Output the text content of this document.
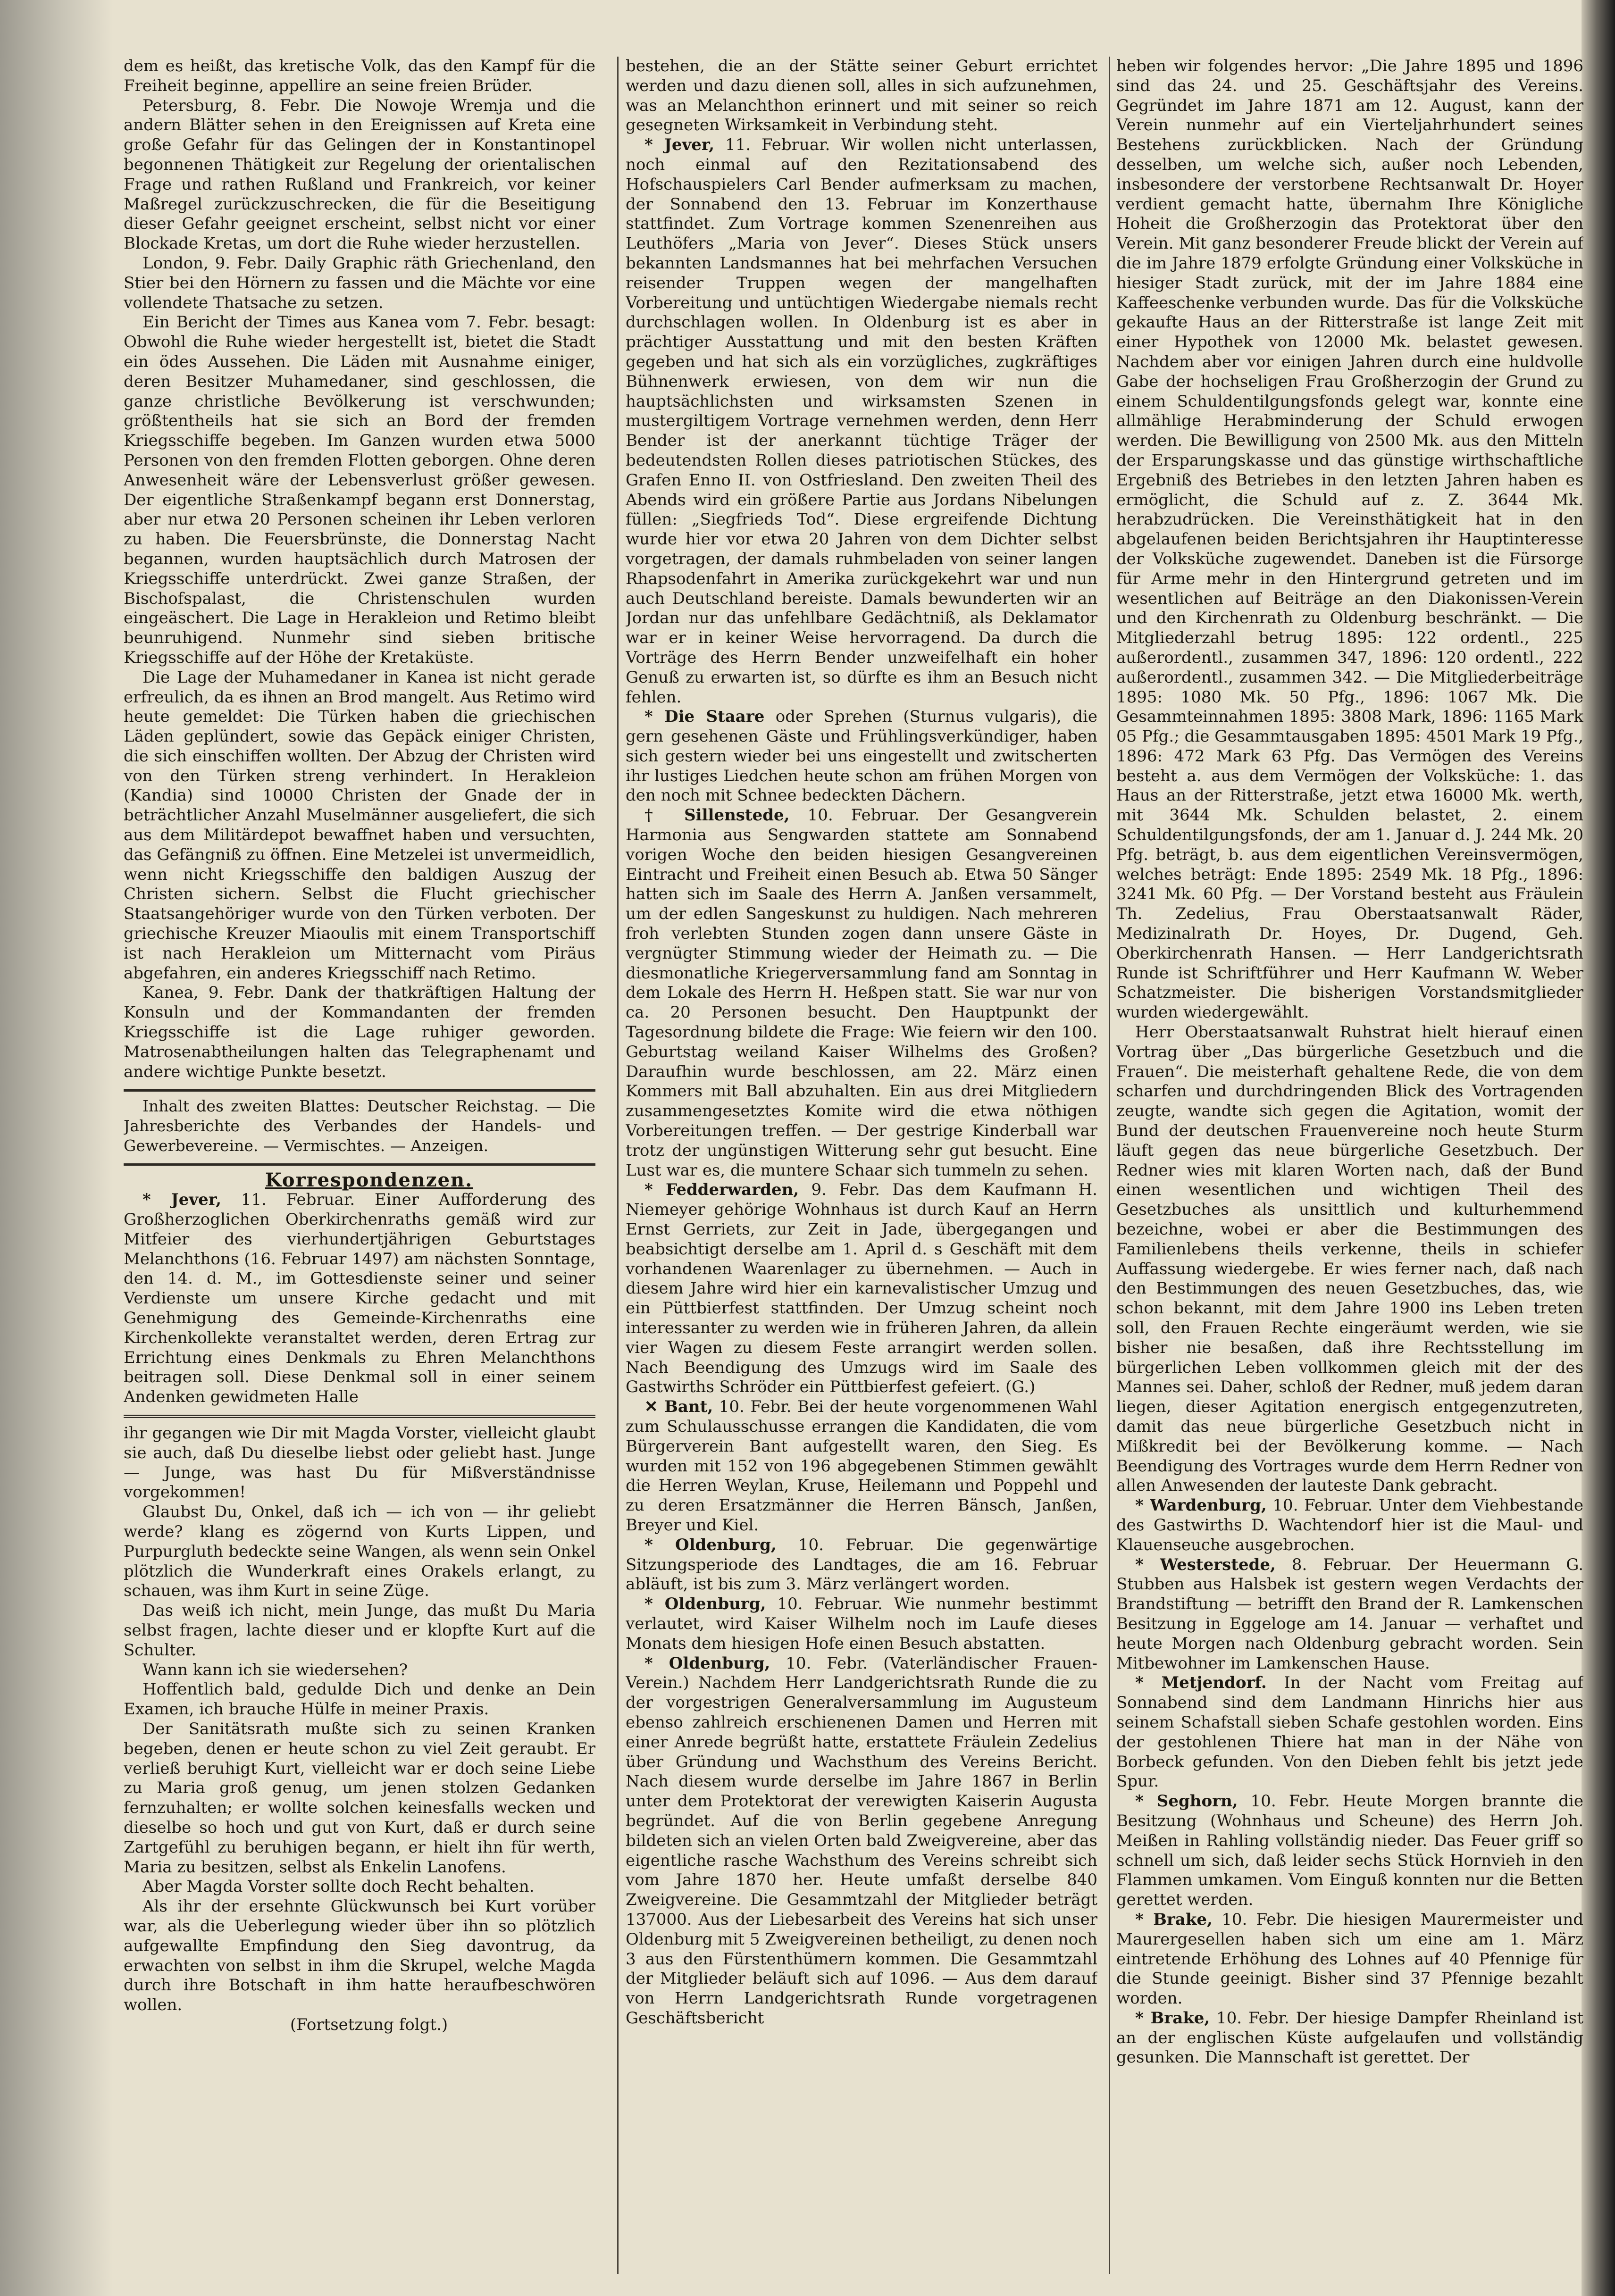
dem es heißt, das kretische Volk, das den Kampf für die Freiheit beginne, appellire an seine freien Brüder.

Petersburg, 8. Febr. Die Nowoje Wremja und die andern Blätter sehen in den Ereignissen auf Kreta eine große Gefahr für das Gelingen der in Konstantinopel begonnenen Thätigkeit zur Regelung der orientalischen Frage und rathen Rußland und Frankreich, vor keiner Maßregel zurückzuschrecken, die für die Beseitigung dieser Gefahr geeignet erscheint, selbst nicht vor einer Blockade Kretas, um dort die Ruhe wieder herzustellen.

London, 9. Febr. Daily Graphic räth Griechenland, den Stier bei den Hörnern zu fassen und die Mächte vor eine vollendete Thatsache zu setzen.

Ein Bericht der Times aus Kanea vom 7. Febr. besagt: Obwohl die Ruhe wieder hergestellt ist, bietet die Stadt ein ödes Aussehen. Die Läden mit Ausnahme einiger, deren Besitzer Muhamedaner, sind geschlossen, die ganze christliche Bevölkerung ist verschwunden; größtentheils hat sie sich an Bord der fremden Kriegsschiffe begeben. Im Ganzen wurden etwa 5000 Personen von den fremden Flotten geborgen. Ohne deren Anwesenheit wäre der Lebensverlust größer gewesen. Der eigentliche Straßenkampf begann erst Donnerstag, aber nur etwa 20 Personen scheinen ihr Leben verloren zu haben. Die Feuersbrünste, die Donnerstag Nacht begannen, wurden hauptsächlich durch Matrosen der Kriegsschiffe unterdrückt. Zwei ganze Straßen, der Bischofspalast, die Christenschulen wurden eingeäschert. Die Lage in Herakleion und Retimo bleibt beunruhigend. Nunmehr sind sieben britische Kriegsschiffe auf der Höhe der Kretaküste.

Die Lage der Muhamedaner in Kanea ist nicht gerade erfreulich, da es ihnen an Brod mangelt. Aus Retimo wird heute gemeldet: Die Türken haben die griechischen Läden geplündert, sowie das Gepäck einiger Christen, die sich einschiffen wollten. Der Abzug der Christen wird von den Türken streng verhindert. In Herakleion (Kandia) sind 10000 Christen der Gnade der in beträchtlicher Anzahl Muselmänner ausgeliefert, die sich aus dem Militärdepot bewaffnet haben und versuchten, das Gefängniß zu öffnen. Eine Metzelei ist unvermeidlich, wenn nicht Kriegsschiffe den baldigen Auszug der Christen sichern. Selbst die Flucht griechischer Staatsangehöriger wurde von den Türken verboten. Der griechische Kreuzer Miaoulis mit einem Transportschiff ist nach Herakleion um Mitternacht vom Piräus abgefahren, ein anderes Kriegsschiff nach Retimo.

Kanea, 9. Febr. Dank der thatkräftigen Haltung der Konsuln und der Kommandanten der fremden Kriegsschiffe ist die Lage ruhiger geworden. Matrosenabtheilungen halten das Telegraphenamt und andere wichtige Punkte besetzt.

Inhalt des zweiten Blattes: Deutscher Reichstag. — Die Jahresberichte des Verbandes der Handels- und Gewerbevereine. — Vermischtes. — Anzeigen.

Korrespondenzen.

* Jever, 11. Februar. Einer Aufforderung des Großherzoglichen Oberkirchenraths gemäß wird zur Mitfeier des vierhundertjährigen Geburtstages Melanchthons (16. Februar 1497) am nächsten Sonntage, den 14. d. M., im Gottesdienste seiner und seiner Verdienste um unsere Kirche gedacht und mit Genehmigung des Gemeinde-Kirchenraths eine Kirchenkollekte veranstaltet werden, deren Ertrag zur Errichtung eines Denkmals zu Ehren Melanchthons beitragen soll. Diese Denkmal soll in einer seinem Andenken gewidmeten Halle

ihr gegangen wie Dir mit Magda Vorster, vielleicht glaubt sie auch, daß Du dieselbe liebst oder geliebt hast. Junge — Junge, was hast Du für Mißverständnisse vorgekommen!

Glaubst Du, Onkel, daß ich — ich von — ihr geliebt werde? klang es zögernd von Kurts Lippen, und Purpurgluth bedeckte seine Wangen, als wenn sein Onkel plötzlich die Wunderkraft eines Orakels erlangt, zu schauen, was ihm Kurt in seine Züge.

Das weiß ich nicht, mein Junge, das mußt Du Maria selbst fragen, lachte dieser und er klopfte Kurt auf die Schulter.

Wann kann ich sie wiedersehen?

Hoffentlich bald, gedulde Dich und denke an Dein Examen, ich brauche Hülfe in meiner Praxis.

Der Sanitätsrath mußte sich zu seinen Kranken begeben, denen er heute schon zu viel Zeit geraubt. Er verließ beruhigt Kurt, vielleicht war er doch seine Liebe zu Maria groß genug, um jenen stolzen Gedanken fernzuhalten; er wollte solchen keinesfalls wecken und dieselbe so hoch und gut von Kurt, daß er durch seine Zartgefühl zu beruhigen begann, er hielt ihn für werth, Maria zu besitzen, selbst als Enkelin Lanofens.

Aber Magda Vorster sollte doch Recht behalten.

Als ihr der ersehnte Glückwunsch bei Kurt vorüber war, als die Ueberlegung wieder über ihn so plötzlich aufgewallte Empfindung den Sieg davontrug, da erwachten von selbst in ihm die Skrupel, welche Magda durch ihre Botschaft in ihm hatte heraufbeschwören wollen.

(Fortsetzung folgt.)

bestehen, die an der Stätte seiner Geburt errichtet werden und dazu dienen soll, alles in sich aufzunehmen, was an Melanchthon erinnert und mit seiner so reich gesegneten Wirksamkeit in Verbindung steht.

* Jever, 11. Februar. Wir wollen nicht unterlassen, noch einmal auf den Rezitationsabend des Hofschauspielers Carl Bender aufmerksam zu machen, der Sonnabend den 13. Februar im Konzerthause stattfindet. Zum Vortrage kommen Szenenreihen aus Leuthöfers „Maria von Jever“. Dieses Stück unsers bekannten Landsmannes hat bei mehrfachen Versuchen reisender Truppen wegen der mangelhaften Vorbereitung und untüchtigen Wiedergabe niemals recht durchschlagen wollen. In Oldenburg ist es aber in prächtiger Ausstattung und mit den besten Kräften gegeben und hat sich als ein vorzügliches, zugkräftiges Bühnenwerk erwiesen, von dem wir nun die hauptsächlichsten und wirksamsten Szenen in mustergiltigem Vortrage vernehmen werden, denn Herr Bender ist der anerkannt tüchtige Träger der bedeutendsten Rollen dieses patriotischen Stückes, des Grafen Enno II. von Ostfriesland. Den zweiten Theil des Abends wird ein größere Partie aus Jordans Nibelungen füllen: „Siegfrieds Tod“. Diese ergreifende Dichtung wurde hier vor etwa 20 Jahren von dem Dichter selbst vorgetragen, der damals ruhmbeladen von seiner langen Rhapsodenfahrt in Amerika zurückgekehrt war und nun auch Deutschland bereiste. Damals bewunderten wir an Jordan nur das unfehlbare Gedächtniß, als Deklamator war er in keiner Weise hervorragend. Da durch die Vorträge des Herrn Bender unzweifelhaft ein hoher Genuß zu erwarten ist, so dürfte es ihm an Besuch nicht fehlen.

* Die Staare oder Sprehen (Sturnus vulgaris), die gern gesehenen Gäste und Frühlingsverkündiger, haben sich gestern wieder bei uns eingestellt und zwitscherten ihr lustiges Liedchen heute schon am frühen Morgen von den noch mit Schnee bedeckten Dächern.

† Sillenstede, 10. Februar. Der Gesangverein Harmonia aus Sengwarden stattete am Sonnabend vorigen Woche den beiden hiesigen Gesangvereinen Eintracht und Freiheit einen Besuch ab. Etwa 50 Sänger hatten sich im Saale des Herrn A. Janßen versammelt, um der edlen Sangeskunst zu huldigen. Nach mehreren froh verlebten Stunden zogen dann unsere Gäste in vergnügter Stimmung wieder der Heimath zu. — Die diesmonatliche Kriegerversammlung fand am Sonntag in dem Lokale des Herrn H. Heßpen statt. Sie war nur von ca. 20 Personen besucht. Den Hauptpunkt der Tagesordnung bildete die Frage: Wie feiern wir den 100. Geburtstag weiland Kaiser Wilhelms des Großen? Daraufhin wurde beschlossen, am 22. März einen Kommers mit Ball abzuhalten. Ein aus drei Mitgliedern zusammengesetztes Komite wird die etwa nöthigen Vorbereitungen treffen. — Der gestrige Kinderball war trotz der ungünstigen Witterung sehr gut besucht. Eine Lust war es, die muntere Schaar sich tummeln zu sehen.

* Fedderwarden, 9. Febr. Das dem Kaufmann H. Niemeyer gehörige Wohnhaus ist durch Kauf an Herrn Ernst Gerriets, zur Zeit in Jade, übergegangen und beabsichtigt derselbe am 1. April d. s Geschäft mit dem vorhandenen Waarenlager zu übernehmen. — Auch in diesem Jahre wird hier ein karnevalistischer Umzug und ein Püttbierfest stattfinden. Der Umzug scheint noch interessanter zu werden wie in früheren Jahren, da allein vier Wagen zu diesem Feste arrangirt werden sollen. Nach Beendigung des Umzugs wird im Saale des Gastwirths Schröder ein Püttbierfest gefeiert. (G.)

✕ Bant, 10. Febr. Bei der heute vorgenommenen Wahl zum Schulausschusse errangen die Kandidaten, die vom Bürgerverein Bant aufgestellt waren, den Sieg. Es wurden mit 152 von 196 abgegebenen Stimmen gewählt die Herren Weylan, Kruse, Heilemann und Poppehl und zu deren Ersatzmänner die Herren Bänsch, Janßen, Breyer und Kiel.

* Oldenburg, 10. Februar. Die gegenwärtige Sitzungsperiode des Landtages, die am 16. Februar abläuft, ist bis zum 3. März verlängert worden.

* Oldenburg, 10. Februar. Wie nunmehr bestimmt verlautet, wird Kaiser Wilhelm noch im Laufe dieses Monats dem hiesigen Hofe einen Besuch abstatten.

* Oldenburg, 10. Febr. (Vaterländischer Frauen-Verein.) Nachdem Herr Landgerichtsrath Runde die zu der vorgestrigen Generalversammlung im Augusteum ebenso zahlreich erschienenen Damen und Herren mit einer Anrede begrüßt hatte, erstattete Fräulein Zedelius über Gründung und Wachsthum des Vereins Bericht. Nach diesem wurde derselbe im Jahre 1867 in Berlin unter dem Protektorat der verewigten Kaiserin Augusta begründet. Auf die von Berlin gegebene Anregung bildeten sich an vielen Orten bald Zweigvereine, aber das eigentliche rasche Wachsthum des Vereins schreibt sich vom Jahre 1870 her. Heute umfaßt derselbe 840 Zweigvereine. Die Gesammtzahl der Mitglieder beträgt 137000. Aus der Liebesarbeit des Vereins hat sich unser Oldenburg mit 5 Zweigvereinen betheiligt, zu denen noch 3 aus den Fürstenthümern kommen. Die Gesammtzahl der Mitglieder beläuft sich auf 1096. — Aus dem darauf von Herrn Landgerichtsrath Runde vorgetragenen Geschäftsbericht

heben wir folgendes hervor: „Die Jahre 1895 und 1896 sind das 24. und 25. Geschäftsjahr des Vereins. Gegründet im Jahre 1871 am 12. August, kann der Verein nunmehr auf ein Vierteljahrhundert seines Bestehens zurückblicken. Nach der Gründung desselben, um welche sich, außer noch Lebenden, insbesondere der verstorbene Rechtsanwalt Dr. Hoyer verdient gemacht hatte, übernahm Ihre Königliche Hoheit die Großherzogin das Protektorat über den Verein. Mit ganz besonderer Freude blickt der Verein auf die im Jahre 1879 erfolgte Gründung einer Volksküche in hiesiger Stadt zurück, mit der im Jahre 1884 eine Kaffeeschenke verbunden wurde. Das für die Volksküche gekaufte Haus an der Ritterstraße ist lange Zeit mit einer Hypothek von 12000 Mk. belastet gewesen. Nachdem aber vor einigen Jahren durch eine huldvolle Gabe der hochseligen Frau Großherzogin der Grund zu einem Schuldentilgungsfonds gelegt war, konnte eine allmählige Herabminderung der Schuld erwogen werden. Die Bewilligung von 2500 Mk. aus den Mitteln der Ersparungskasse und das günstige wirthschaftliche Ergebniß des Betriebes in den letzten Jahren haben es ermöglicht, die Schuld auf z. Z. 3644 Mk. herabzudrücken. Die Vereinsthätigkeit hat in den abgelaufenen beiden Berichtsjahren ihr Hauptinteresse der Volksküche zugewendet. Daneben ist die Fürsorge für Arme mehr in den Hintergrund getreten und im wesentlichen auf Beiträge an den Diakonissen-Verein und den Kirchenrath zu Oldenburg beschränkt. — Die Mitgliederzahl betrug 1895: 122 ordentl., 225 außerordentl., zusammen 347, 1896: 120 ordentl., 222 außerordentl., zusammen 342. — Die Mitgliederbeiträge 1895: 1080 Mk. 50 Pfg., 1896: 1067 Mk. Die Gesammteinnahmen 1895: 3808 Mark, 1896: 1165 Mark 05 Pfg.; die Gesammtausgaben 1895: 4501 Mark 19 Pfg., 1896: 472 Mark 63 Pfg. Das Vermögen des Vereins besteht a. aus dem Vermögen der Volksküche: 1. das Haus an der Ritterstraße, jetzt etwa 16000 Mk. werth, mit 3644 Mk. Schulden belastet, 2. einem Schuldentilgungsfonds, der am 1. Januar d. J. 244 Mk. 20 Pfg. beträgt, b. aus dem eigentlichen Vereinsvermögen, welches beträgt: Ende 1895: 2549 Mk. 18 Pfg., 1896: 3241 Mk. 60 Pfg. — Der Vorstand besteht aus Fräulein Th. Zedelius, Frau Oberstaatsanwalt Räder, Medizinalrath Dr. Hoyes, Dr. Dugend, Geh. Oberkirchenrath Hansen. — Herr Landgerichtsrath Runde ist Schriftführer und Herr Kaufmann W. Weber Schatzmeister. Die bisherigen Vorstandsmitglieder wurden wiedergewählt.

Herr Oberstaatsanwalt Ruhstrat hielt hierauf einen Vortrag über „Das bürgerliche Gesetzbuch und die Frauen“. Die meisterhaft gehaltene Rede, die von dem scharfen und durchdringenden Blick des Vortragenden zeugte, wandte sich gegen die Agitation, womit der Bund der deutschen Frauenvereine noch heute Sturm läuft gegen das neue bürgerliche Gesetzbuch. Der Redner wies mit klaren Worten nach, daß der Bund einen wesentlichen und wichtigen Theil des Gesetzbuches als unsittlich und kulturhemmend bezeichne, wobei er aber die Bestimmungen des Familienlebens theils verkenne, theils in schiefer Auffassung wiedergebe. Er wies ferner nach, daß nach den Bestimmungen des neuen Gesetzbuches, das, wie schon bekannt, mit dem Jahre 1900 ins Leben treten soll, den Frauen Rechte eingeräumt werden, wie sie bisher nie besaßen, daß ihre Rechtsstellung im bürgerlichen Leben vollkommen gleich mit der des Mannes sei. Daher, schloß der Redner, muß jedem daran liegen, dieser Agitation energisch entgegenzutreten, damit das neue bürgerliche Gesetzbuch nicht in Mißkredit bei der Bevölkerung komme. — Nach Beendigung des Vortrages wurde dem Herrn Redner von allen Anwesenden der lauteste Dank gebracht.

* Wardenburg, 10. Februar. Unter dem Viehbestande des Gastwirths D. Wachtendorf hier ist die Maul- und Klauenseuche ausgebrochen.

* Westerstede, 8. Februar. Der Heuermann G. Stubben aus Halsbek ist gestern wegen Verdachts der Brandstiftung — betrifft den Brand der R. Lamkenschen Besitzung in Eggeloge am 14. Januar — verhaftet und heute Morgen nach Oldenburg gebracht worden. Sein Mitbewohner im Lamkenschen Hause.

* Metjendorf. In der Nacht vom Freitag auf Sonnabend sind dem Landmann Hinrichs hier aus seinem Schafstall sieben Schafe gestohlen worden. Eins der gestohlenen Thiere hat man in der Nähe von Borbeck gefunden. Von den Dieben fehlt bis jetzt jede Spur.

* Seghorn, 10. Febr. Heute Morgen brannte die Besitzung (Wohnhaus und Scheune) des Herrn Joh. Meißen in Rahling vollständig nieder. Das Feuer griff so schnell um sich, daß leider sechs Stück Hornvieh in den Flammen umkamen. Vom Einguß konnten nur die Betten gerettet werden.

* Brake, 10. Febr. Die hiesigen Maurermeister und Maurergesellen haben sich um eine am 1. März eintretende Erhöhung des Lohnes auf 40 Pfennige für die Stunde geeinigt. Bisher sind 37 Pfennige bezahlt worden.

* Brake, 10. Febr. Der hiesige Dampfer Rheinland ist an der englischen Küste aufgelaufen und vollständig gesunken. Die Mannschaft ist gerettet. Der
